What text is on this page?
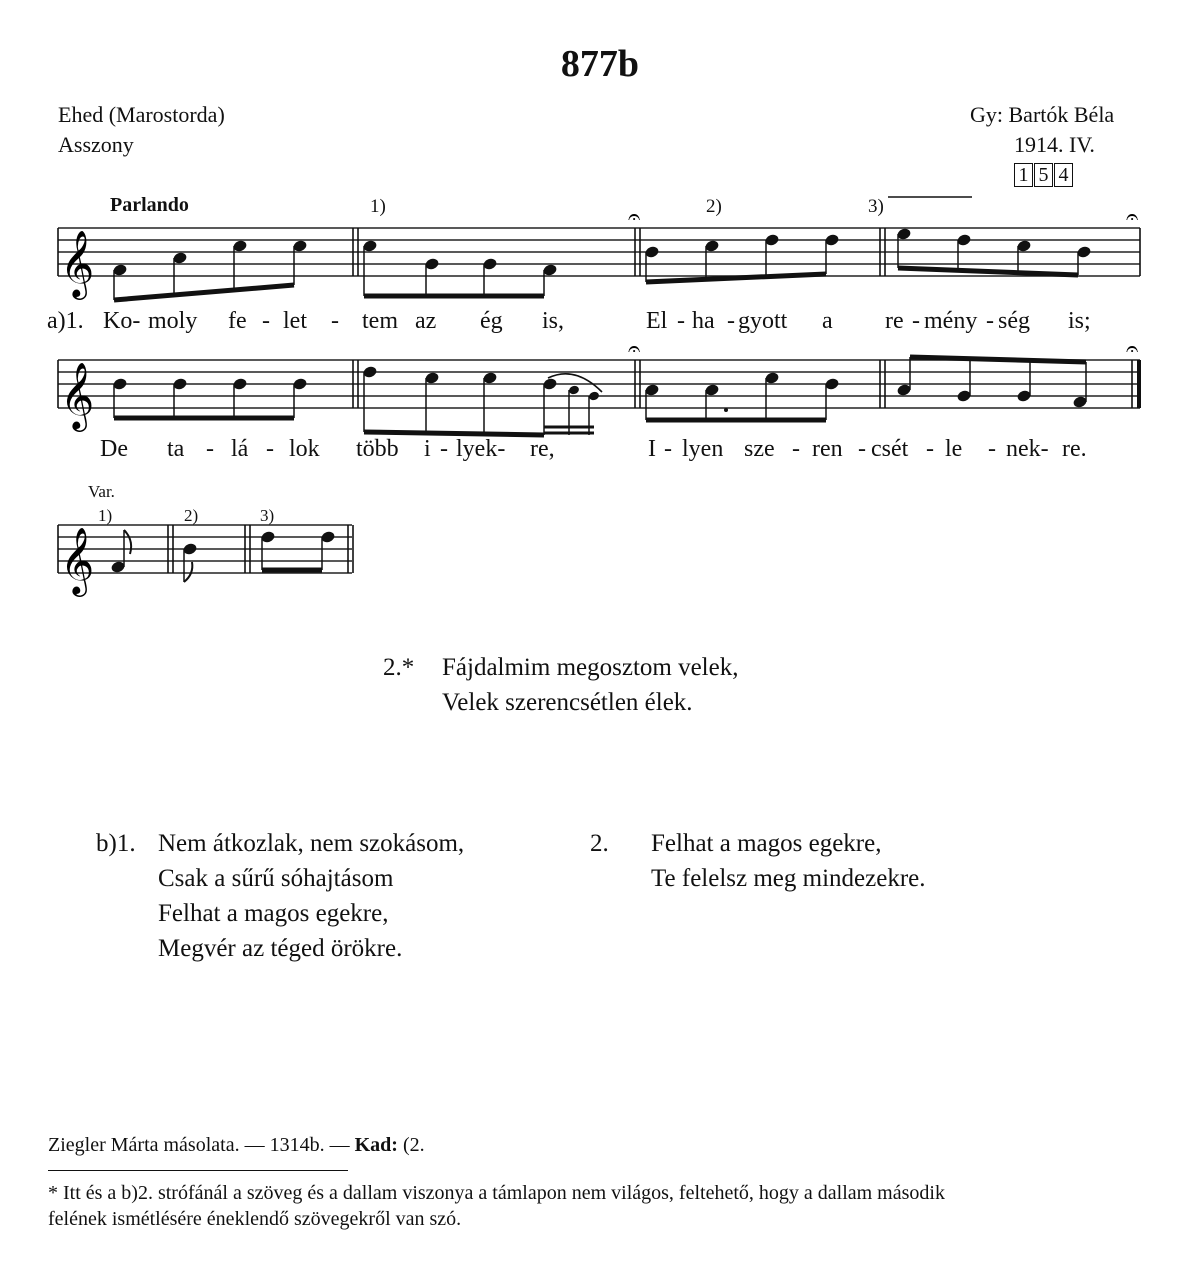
877b
Ehed (Marostorda)
Asszony
Gy: Bartók Béla
1914. IV.
1 5 4
Parlando	1)	2)	3)
𝄞
𝄐	𝄐
𝄞
𝄐	𝄐
𝄞
a)1. Ko- moly fe - let - tem az ég is,	El - ha - gyott a re - mény - ség is;
De ta - lá - lok több i - lyek- re,	I - lyen sze - ren - csét - le - nek- re.
Var.
1)	2)	3)
2.* Fájdalmim megosztom velek,
Velek szerencsétlen élek.
b)1. Nem átkozlak, nem szokásom,
Csak a sűrű sóhajtásom
Felhat a magos egekre,
Megvér az téged örökre.
2. Felhat a magos egekre,
Te felelsz meg mindezekre.
Ziegler Márta másolata. — 1314b. — Kad: (2.
* Itt és a b)2. strófánál a szöveg és a dallam viszonya a támlapon nem világos, feltehető, hogy a dallam második
felének ismétlésére éneklendő szövegekről van szó.
